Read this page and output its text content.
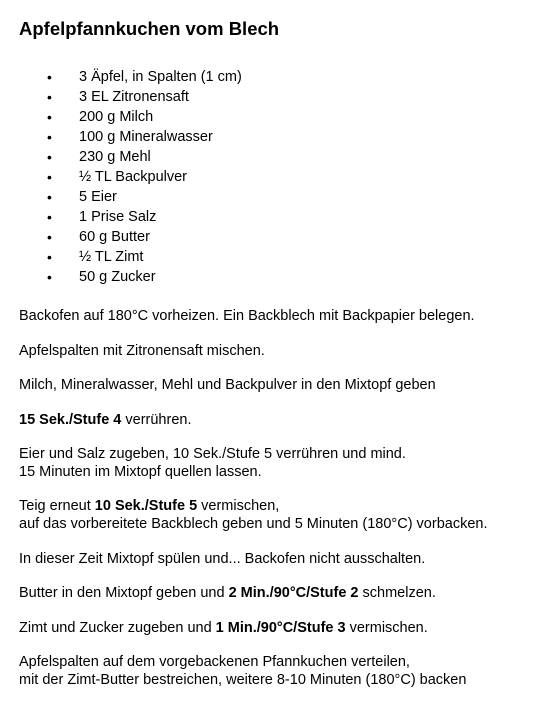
Apfelpfannkuchen vom Blech
• 3 Äpfel, in Spalten (1 cm)
• 3 EL Zitronensaft
• 200 g Milch
• 100 g Mineralwasser
• 230 g Mehl
• ½ TL Backpulver
• 5 Eier
• 1 Prise Salz
• 60 g Butter
• ½ TL Zimt
• 50 g Zucker

Backofen auf 180°C vorheizen. Ein Backblech mit Backpapier belegen.

Apfelspalten mit Zitronensaft mischen.

Milch, Mineralwasser, Mehl und Backpulver in den Mixtopf geben

15 Sek./Stufe 4 verrühren.

Eier und Salz zugeben, 10 Sek./Stufe 5 verrühren und mind.
15 Minuten im Mixtopf quellen lassen.

Teig erneut 10 Sek./Stufe 5 vermischen,
auf das vorbereitete Backblech geben und 5 Minuten (180°C) vorbacken.

In dieser Zeit Mixtopf spülen und... Backofen nicht ausschalten.

Butter in den Mixtopf geben und 2 Min./90°C/Stufe 2 schmelzen.

Zimt und Zucker zugeben und 1 Min./90°C/Stufe 3 vermischen.

Apfelspalten auf dem vorgebackenen Pfannkuchen verteilen,
mit der Zimt-Butter bestreichen, weitere 8-10 Minuten (180°C) backen
